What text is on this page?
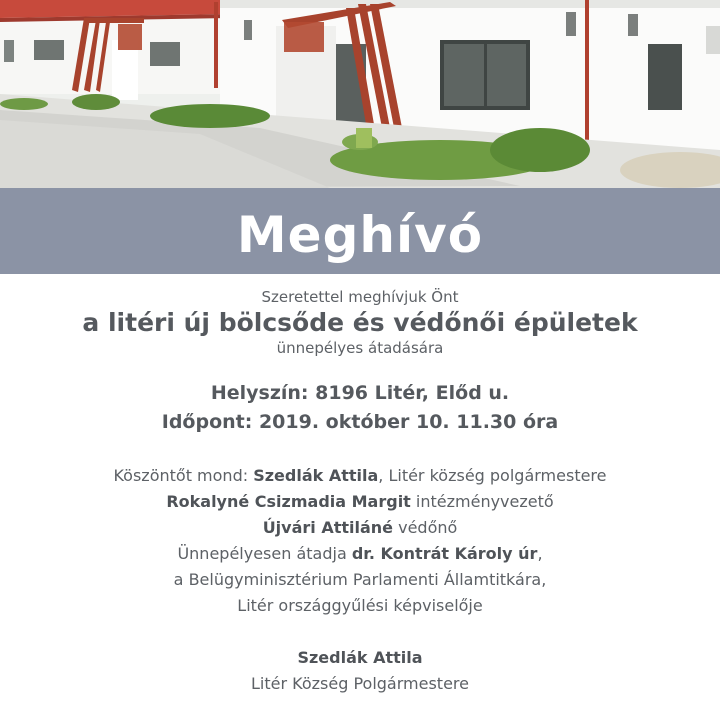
Meghívó
Szeretettel meghívjuk Önt
a litéri új bölcsőde és védőnői épületek
ünnepélyes átadására
Helyszín: 8196 Litér, Előd u.
Időpont: 2019. október 10. 11.30 óra
Köszöntőt mond: Szedlák Attila, Litér község polgármestere
Rokalyné Csizmadia Margit intézményvezető
Újvári Attiláné védőnő
Ünnepélyesen átadja dr. Kontrát Károly úr,
a Belügyminisztérium Parlamenti Államtitkára,
Litér országgyűlési képviselője
Szedlák Attila
Litér Község Polgármestere
